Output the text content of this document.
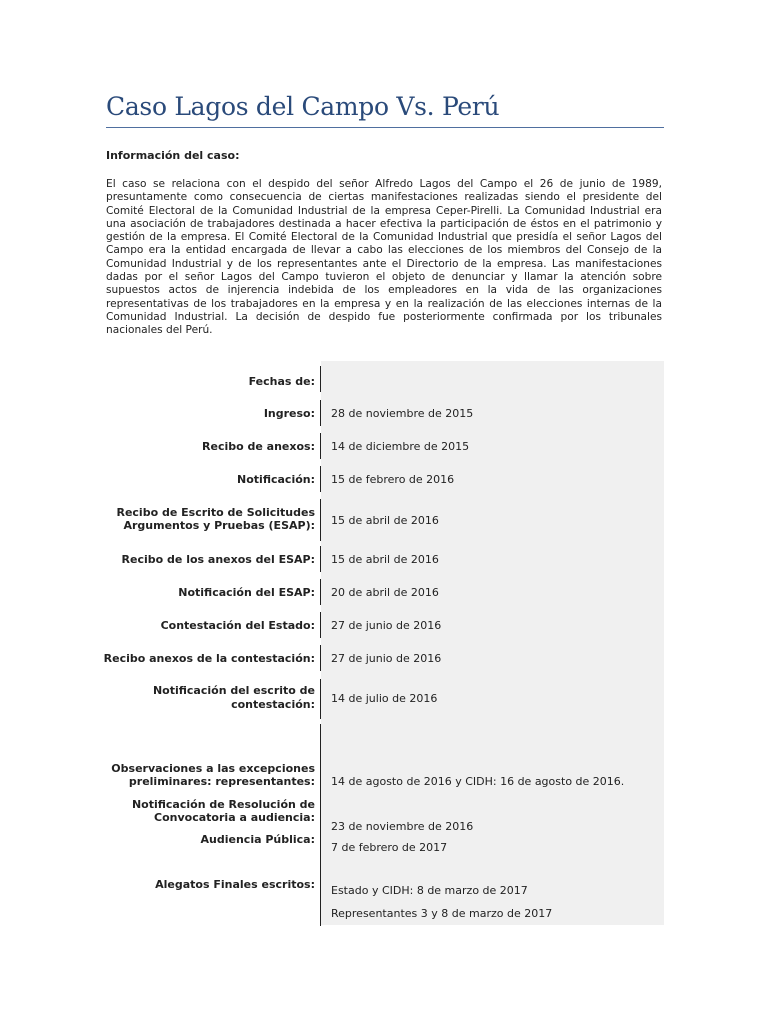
Caso Lagos del Campo Vs. Perú
Información del caso:
El caso se relaciona con el despido del señor Alfredo Lagos del Campo el 26 de junio de 1989, presuntamente como consecuencia de ciertas manifestaciones realizadas siendo el presidente del Comité Electoral de la Comunidad Industrial de la empresa Ceper-Pirelli. La Comunidad Industrial era una asociación de trabajadores destinada a hacer efectiva la participación de éstos en el patrimonio y gestión de la empresa. El Comité Electoral de la Comunidad Industrial que presidía el señor Lagos del Campo era la entidad encargada de llevar a cabo las elecciones de los miembros del Consejo de la Comunidad Industrial y de los representantes ante el Directorio de la empresa. Las manifestaciones dadas por el señor Lagos del Campo tuvieron el objeto de denunciar y llamar la atención sobre supuestos actos de injerencia indebida de los empleadores en la vida de las organizaciones representativas de los trabajadores en la empresa y en la realización de las elecciones internas de la Comunidad Industrial. La decisión de despido fue posteriormente confirmada por los tribunales nacionales del Perú.
Fechas de:
Ingreso: 28 de noviembre de 2015
Recibo de anexos: 14 de diciembre de 2015
Notificación: 15 de febrero de 2016
Recibo de Escrito de Solicitudes
Argumentos y Pruebas (ESAP): 15 de abril de 2016
Recibo de los anexos del ESAP: 15 de abril de 2016
Notificación del ESAP: 20 de abril de 2016
Contestación del Estado: 27 de junio de 2016
Recibo anexos de la contestación: 27 de junio de 2016
Notificación del escrito de
contestación: 14 de julio de 2016
Observaciones a las excepciones
preliminares: representantes: 14 de agosto de 2016 y CIDH: 16 de agosto de 2016.
Notificación de Resolución de
Convocatoria a audiencia:
23 de noviembre de 2016
Audiencia Pública:
7 de febrero de 2017
Alegatos Finales escritos: Estado y CIDH: 8 de marzo de 2017
Representantes 3 y 8 de marzo de 2017
